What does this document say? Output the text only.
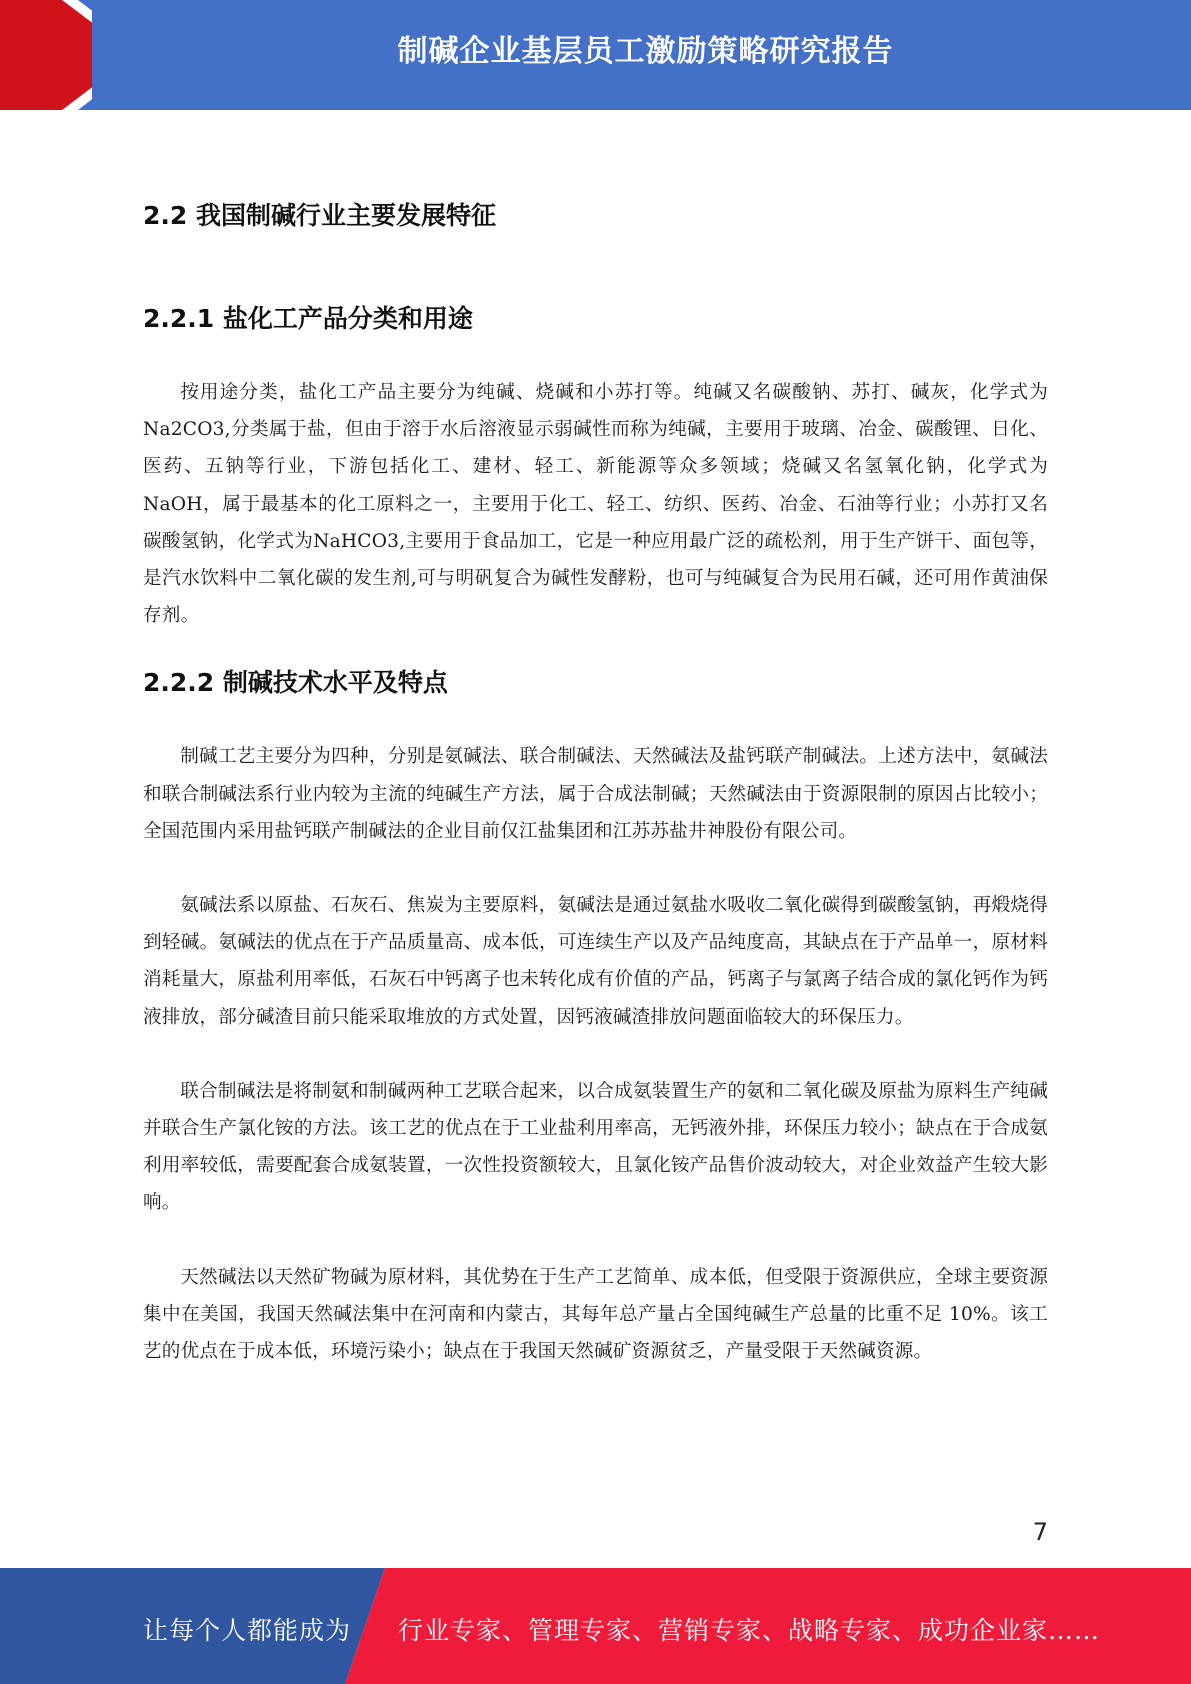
制碱企业基层员工激励策略研究报告
2.2 我国制碱行业主要发展特征
2.2.1 盐化工产品分类和用途

按用途分类，盐化工产品主要分为纯碱、烧碱和小苏打等。纯碱又名碳酸钠、苏打、碱灰，化学式为Na2CO3,分类属于盐，但由于溶于水后溶液显示弱碱性而称为纯碱，主要用于玻璃、冶金、碳酸锂、日化、医药、五钠等行业，下游包括化工、建材、轻工、新能源等众多领域；烧碱又名氢氧化钠，化学式为NaOH，属于最基本的化工原料之一，主要用于化工、轻工、纺织、医药、冶金、石油等行业；小苏打又名碳酸氢钠，化学式为NaHCO3,主要用于食品加工，它是一种应用最广泛的疏松剂，用于生产饼干、面包等，是汽水饮料中二氧化碳的发生剂,可与明矾复合为碱性发酵粉，也可与纯碱复合为民用石碱，还可用作黄油保存剂。

2.2.2 制碱技术水平及特点

制碱工艺主要分为四种，分别是氨碱法、联合制碱法、天然碱法及盐钙联产制碱法。上述方法中，氨碱法和联合制碱法系行业内较为主流的纯碱生产方法，属于合成法制碱；天然碱法由于资源限制的原因占比较小；全国范围内采用盐钙联产制碱法的企业目前仅江盐集团和江苏苏盐井神股份有限公司。

氨碱法系以原盐、石灰石、焦炭为主要原料，氨碱法是通过氨盐水吸收二氧化碳得到碳酸氢钠，再煅烧得到轻碱。氨碱法的优点在于产品质量高、成本低，可连续生产以及产品纯度高，其缺点在于产品单一，原材料消耗量大，原盐利用率低，石灰石中钙离子也未转化成有价值的产品，钙离子与氯离子结合成的氯化钙作为钙液排放，部分碱渣目前只能采取堆放的方式处置，因钙液碱渣排放问题面临较大的环保压力。

联合制碱法是将制氨和制碱两种工艺联合起来，以合成氨装置生产的氨和二氧化碳及原盐为原料生产纯碱并联合生产氯化铵的方法。该工艺的优点在于工业盐利用率高，无钙液外排，环保压力较小；缺点在于合成氨利用率较低，需要配套合成氨装置，一次性投资额较大，且氯化铵产品售价波动较大，对企业效益产生较大影响。

天然碱法以天然矿物碱为原材料，其优势在于生产工艺简单、成本低，但受限于资源供应，全球主要资源集中在美国，我国天然碱法集中在河南和内蒙古，其每年总产量占全国纯碱生产总量的比重不足 10%。该工艺的优点在于成本低，环境污染小；缺点在于我国天然碱矿资源贫乏，产量受限于天然碱资源。

7
让每个人都能成为 行业专家、管理专家、营销专家、战略专家、成功企业家……
